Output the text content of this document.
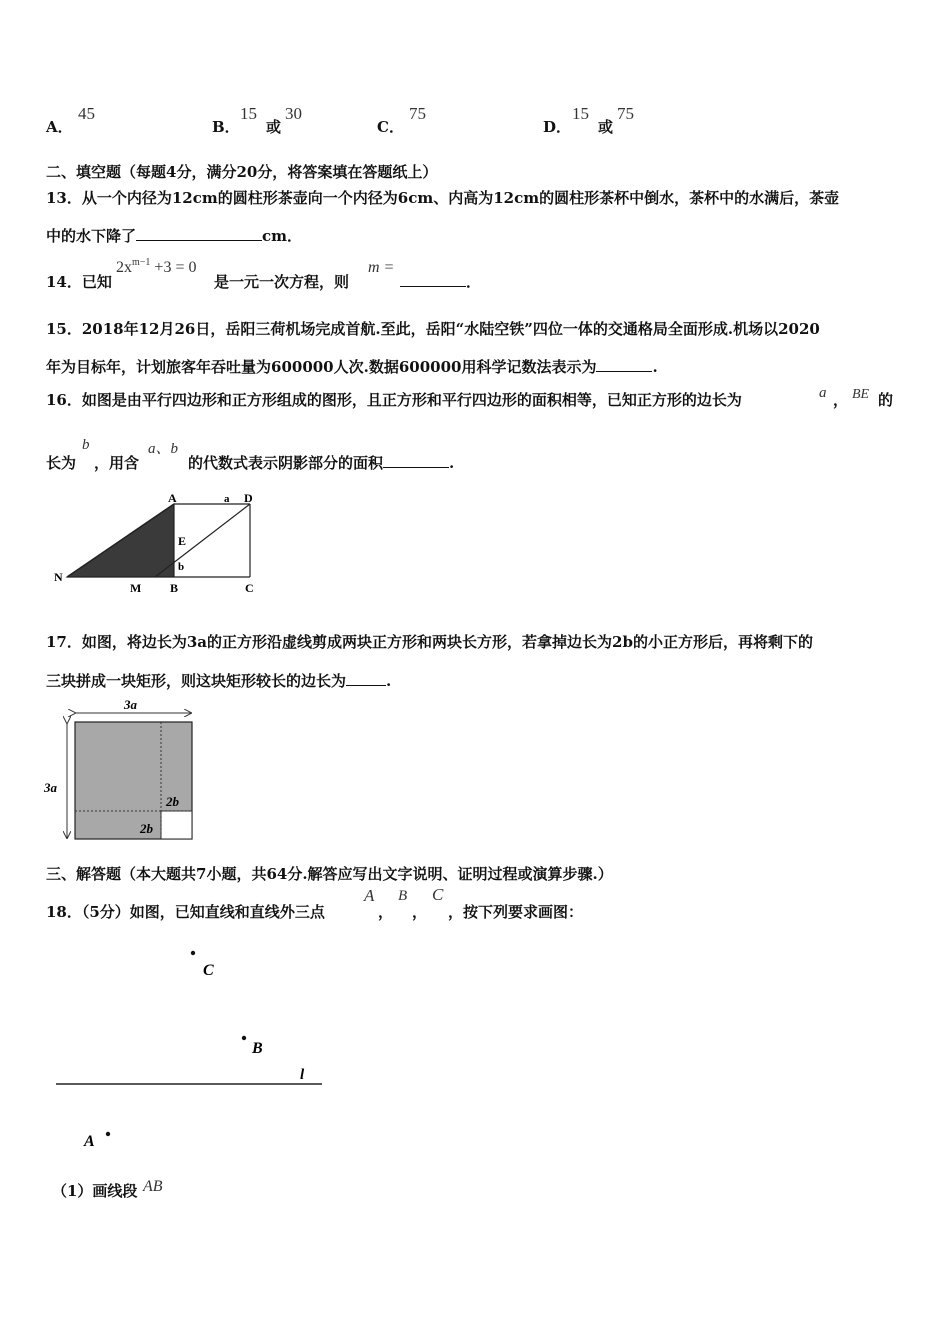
A．
45
B．
15
或
30
C．
75
D．
15
或
75
二、填空题（每题4分，满分20分，将答案填在答题纸上）
13．从一个内径为12cm的圆柱形茶壶向一个内径为6cm、内高为12cm的圆柱形茶杯中倒水，茶杯中的水满后，茶壶
中的水下降了	cm．
14．已知
$2x^{m-1} +3 = 0$
是一元一次方程，则
m =
．
15．2018年12月26日，岳阳三荷机场完成首航.至此，岳阳“水陆空铁”四位一体的交通格局全面形成.机场以2020
年为目标年，计划旅客年吞吐量为600000人次.数据600000用科学记数法表示为	.
16．如图是由平行四边形和正方形组成的图形，且正方形和平行四边形的面积相等，已知正方形的边长为	a ， BE 的
长为
b
，用含
a、b
的代数式表示阴影部分的面积	.
A	D
a
E
b
N
M B	C
17．如图，将边长为3a的正方形沿虚线剪成两块正方形和两块长方形，若拿掉边长为2b的小正方形后，再将剩下的
三块拼成一块矩形，则这块矩形较长的边长为	.
3a
3a
2b
2b
三、解答题（本大题共7小题，共64分.解答应写出文字说明、证明过程或演算步骤.）
18．（5分）如图，已知直线和直线外三点
A
，
B
，
C
，按下列要求画图：
C
B
l
A
（1）画线段 AB
